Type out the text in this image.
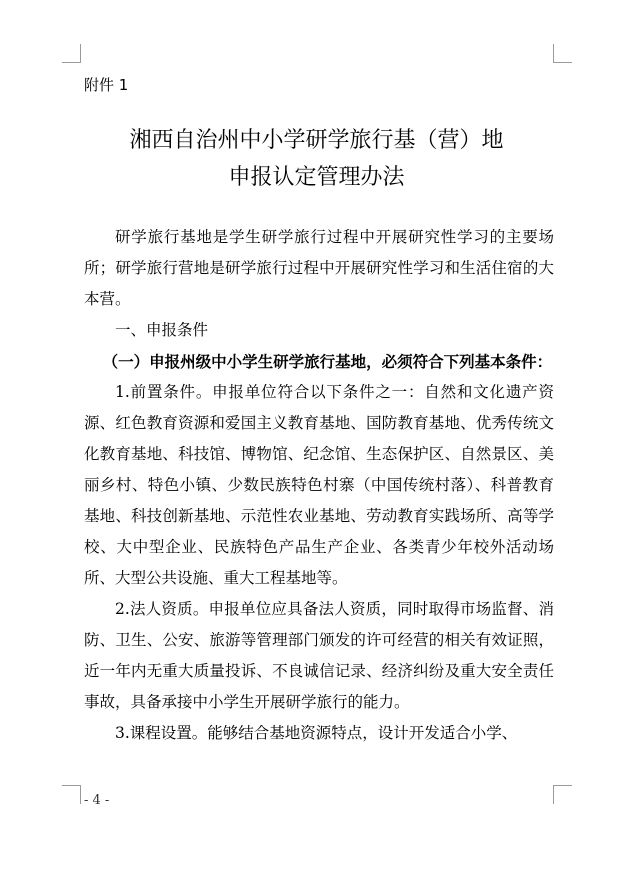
附件 1
湘西自治州中小学研学旅行基（营）地
申报认定管理办法

研学旅行基地是学生研学旅行过程中开展研究性学习的主要场所；研学旅行营地是研学旅行过程中开展研究性学习和生活住宿的大本营。

一、申报条件

（一）申报州级中小学生研学旅行基地，必须符合下列基本条件：

1.前置条件。申报单位符合以下条件之一：自然和文化遗产资源、红色教育资源和爱国主义教育基地、国防教育基地、优秀传统文化教育基地、科技馆、博物馆、纪念馆、生态保护区、自然景区、美丽乡村、特色小镇、少数民族特色村寨（中国传统村落）、科普教育基地、科技创新基地、示范性农业基地、劳动教育实践场所、高等学校、大中型企业、民族特色产品生产企业、各类青少年校外活动场所、大型公共设施、重大工程基地等。

2.法人资质。申报单位应具备法人资质，同时取得市场监督、消防、卫生、公安、旅游等管理部门颁发的许可经营的相关有效证照，近一年内无重大质量投诉、不良诚信记录、经济纠纷及重大安全责任事故，具备承接中小学生开展研学旅行的能力。

3.课程设置。能够结合基地资源特点，设计开发适合小学、

- 4 -
